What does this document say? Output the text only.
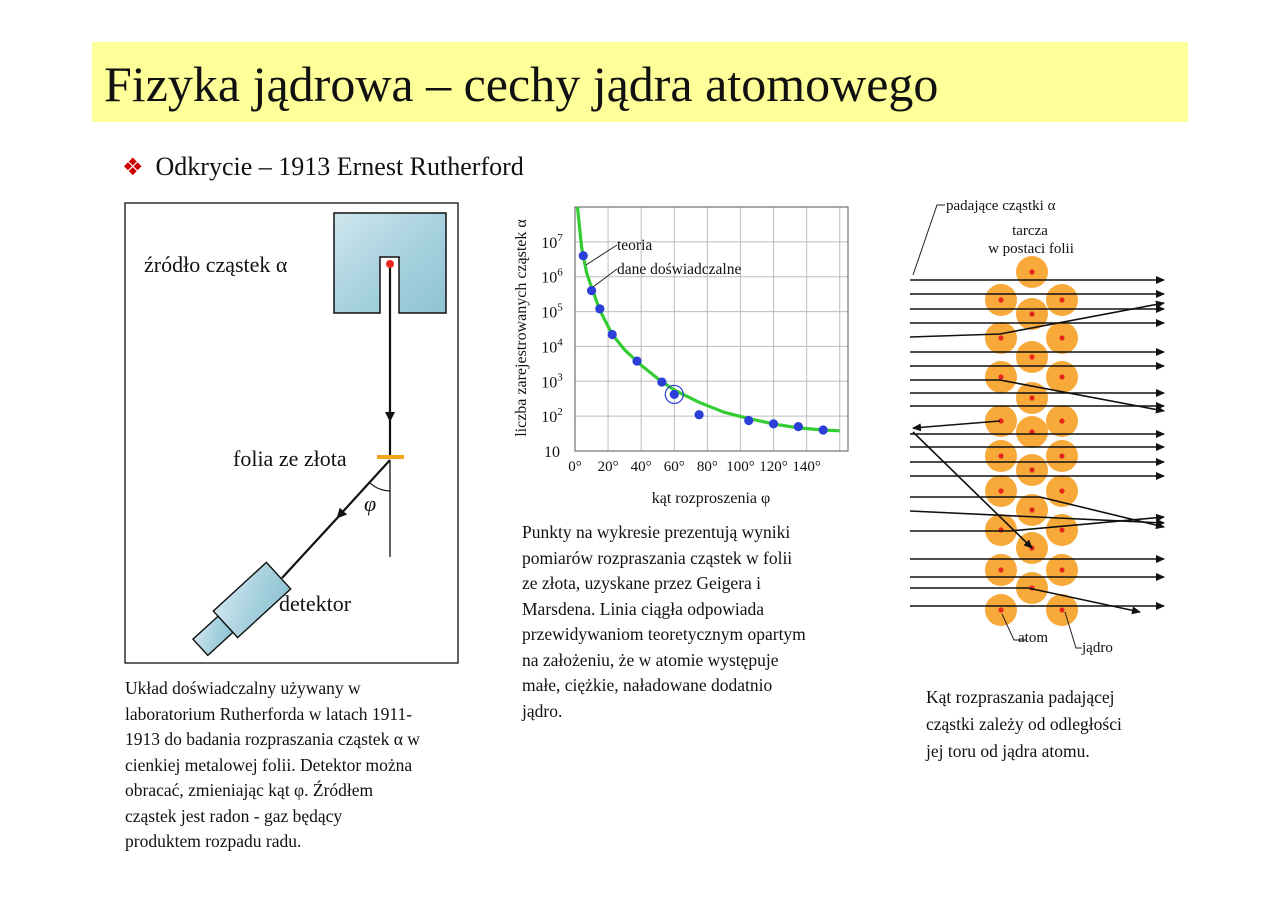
Fizyka jądrowa – cechy jądra atomowego
❖ Odkrycie – 1913 Ernest Rutherford
φ
źródło cząstek α
folia ze złota
detektor
Układ doświadczalny używany w
laboratorium Rutherforda w latach 1911-
1913 do badania rozpraszania cząstek α w
cienkiej metalowej folii. Detektor można
obracać, zmieniając kąt φ. Źródłem
cząstek jest radon - gaz będący
produktem rozpadu radu.
10
$10^2$
$10^3$
$10^4$
$10^5$
$10^6$
$10^7$
0° 20° 40° 60° 80° 100° 120° 140°
teoria
dane doświadczalne
kąt rozproszenia φ
liczba zarejestrowanych cząstek α
Punkty na wykresie prezentują wyniki
pomiarów rozpraszania cząstek w folii
ze złota, uzyskane przez Geigera i
Marsdena. Linia ciągła odpowiada
przewidywaniom teoretycznym opartym
na założeniu, że w atomie występuje
małe, ciężkie, naładowane dodatnio
jądro.
padające cząstki α
tarcza
w postaci folii
atom
jądro
Kąt rozpraszania padającej
cząstki zależy od odległości
jej toru od jądra atomu.
